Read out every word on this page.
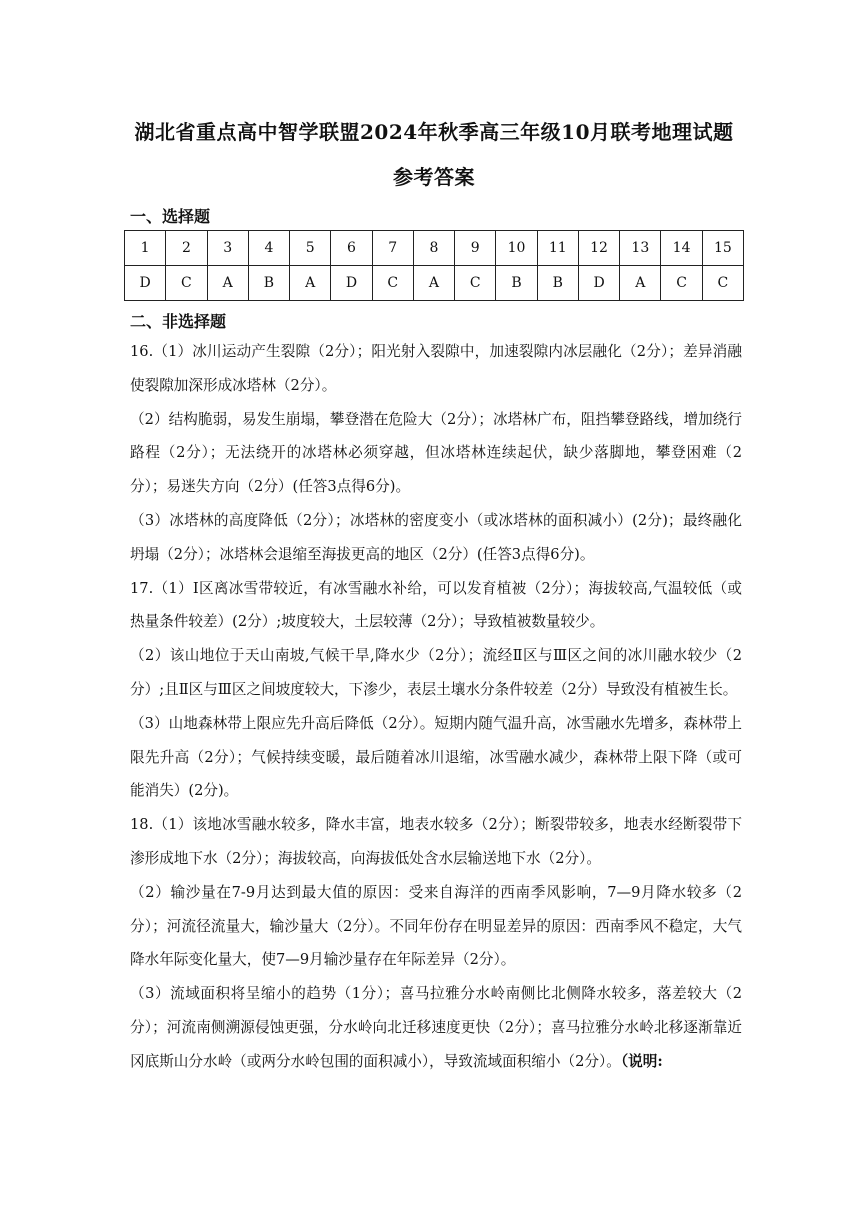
湖北省重点高中智学联盟2024年秋季高三年级10月联考地理试题
参考答案
一、选择题
1	2	3	4	5	6	7	8	9	10	11	12	13	14	15
D	C	A	B	A	D	C	A	C	B	B	D	A	C	C
二、非选择题

16.（1）冰川运动产生裂隙（2分）；阳光射入裂隙中，加速裂隙内冰层融化（2分）；差异消融使裂隙加深形成冰塔林（2分）。

（2）结构脆弱，易发生崩塌，攀登潜在危险大（2分）；冰塔林广布，阻挡攀登路线，增加绕行路程（2分）；无法绕开的冰塔林必须穿越，但冰塔林连续起伏，缺少落脚地，攀登困难（2分）；易迷失方向（2分）(任答3点得6分)。

（3）冰塔林的高度降低（2分）；冰塔林的密度变小（或冰塔林的面积减小）(2分)；最终融化坍塌（2分）；冰塔林会退缩至海拔更高的地区（2分）(任答3点得6分)。

17.（1）Ⅰ区离冰雪带较近，有冰雪融水补给，可以发育植被（2分）；海拔较高,气温较低（或热量条件较差）(2分）;坡度较大，土层较薄（2分）；导致植被数量较少。

（2）该山地位于天山南坡,气候干旱,降水少（2分）；流经Ⅱ区与Ⅲ区之间的冰川融水较少（2分）;且Ⅱ区与Ⅲ区之间坡度较大，下渗少，表层土壤水分条件较差（2分）导致没有植被生长。

（3）山地森林带上限应先升高后降低（2分）。短期内随气温升高，冰雪融水先增多，森林带上限先升高（2分）；气候持续变暖，最后随着冰川退缩，冰雪融水减少，森林带上限下降（或可能消失）(2分)。

18.（1）该地冰雪融水较多，降水丰富，地表水较多（2分）；断裂带较多，地表水经断裂带下渗形成地下水（2分）；海拔较高，向海拔低处含水层输送地下水（2分）。

（2）输沙量在7-9月达到最大值的原因：受来自海洋的西南季风影响，7—9月降水较多（2分）；河流径流量大，输沙量大（2分）。不同年份存在明显差异的原因：西南季风不稳定，大气降水年际变化量大，使7—9月输沙量存在年际差异（2分）。

（3）流域面积将呈缩小的趋势（1分）；喜马拉雅分水岭南侧比北侧降水较多，落差较大（2分）；河流南侧溯源侵蚀更强，分水岭向北迁移速度更快（2分）；喜马拉雅分水岭北移逐渐靠近冈底斯山分水岭（或两分水岭包围的面积减小），导致流域面积缩小（2分）。（说明:
